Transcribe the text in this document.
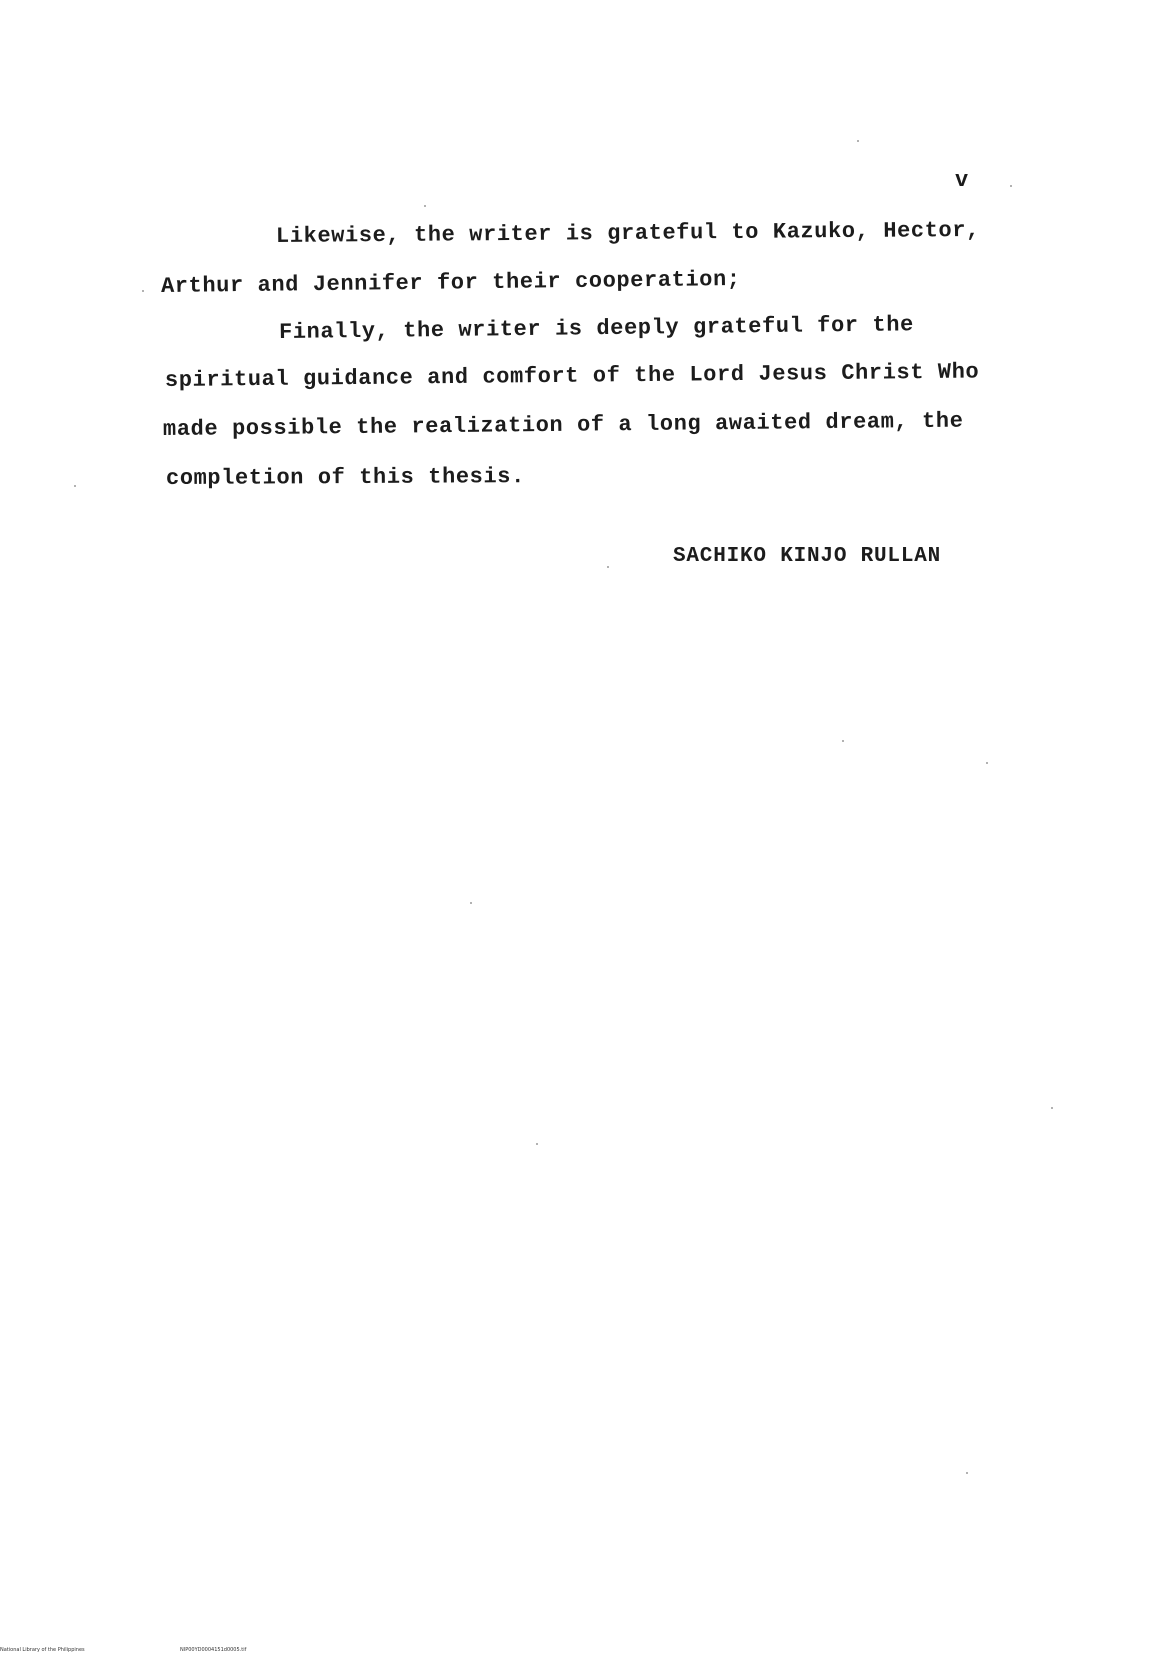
v
Likewise, the writer is grateful to Kazuko, Hector,
Arthur and Jennifer for their cooperation;
Finally, the writer is deeply grateful for the
spiritual guidance and comfort of the Lord Jesus Christ Who
made possible the realization of a long awaited dream, the
completion of this thesis.
SACHIKO KINJO RULLAN
National Library of the Philippines	NIP00YD0004151d0005.tif
